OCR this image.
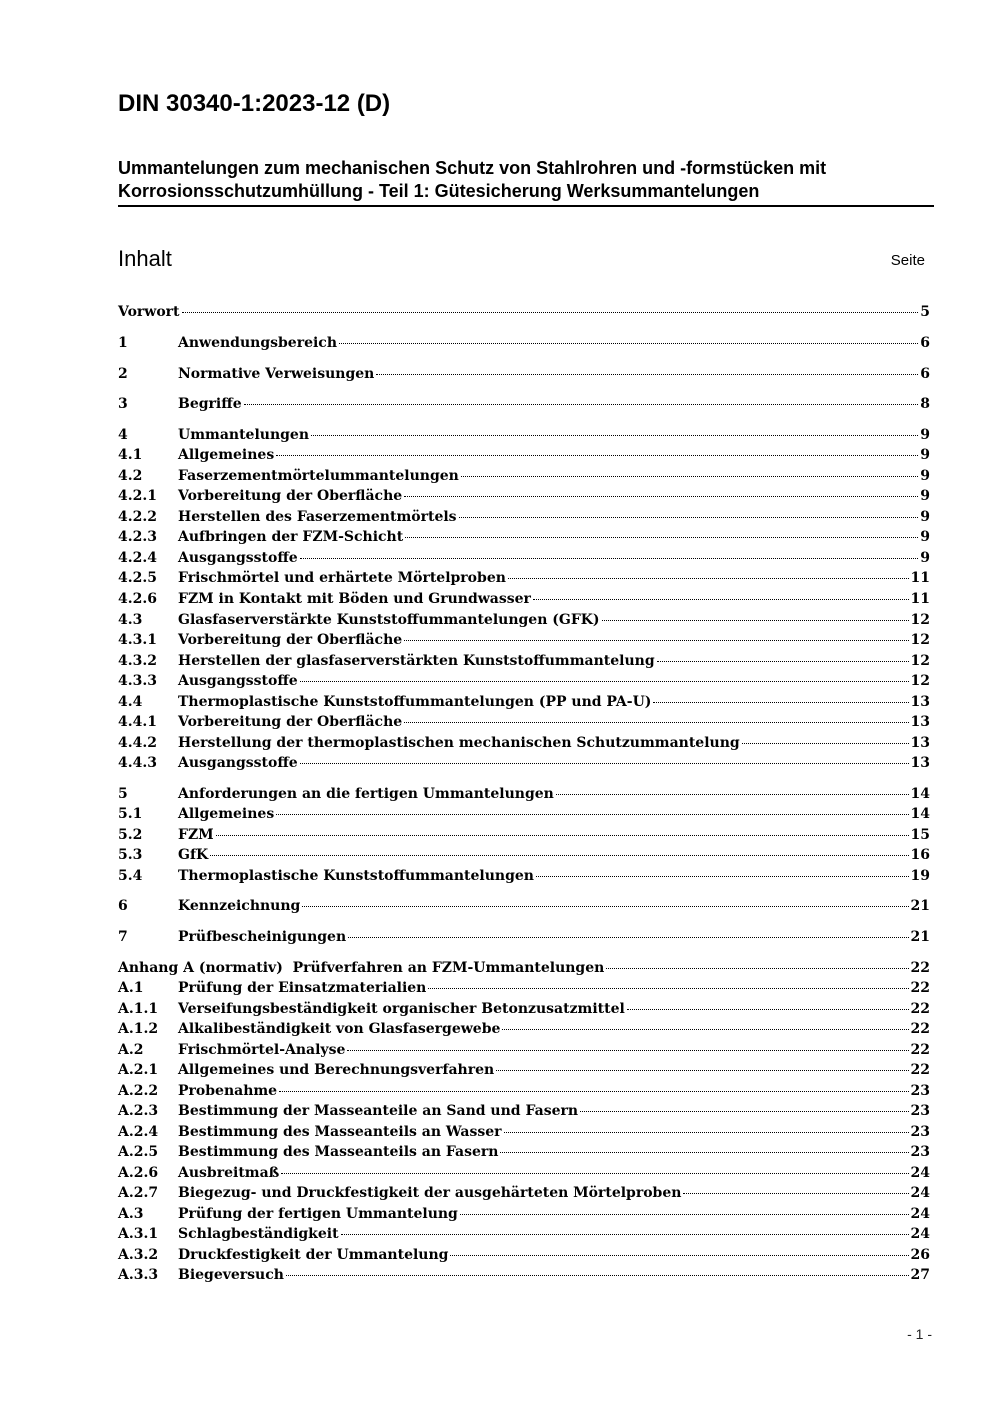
DIN 30340-1:2023-12 (D)
Ummantelungen zum mechanischen Schutz von Stahlrohren und -formstücken mit
Korrosionsschutzumhüllung - Teil 1: Gütesicherung Werksummantelungen
Inhalt	Seite
Vorwort	5
1	Anwendungsbereich	6
2	Normative Verweisungen	6
3	Begriffe	8
4	Ummantelungen	9
4.1	Allgemeines	9
4.2	Faserzementmörtelummantelungen	9
4.2.1	Vorbereitung der Oberfläche	9
4.2.2	Herstellen des Faserzementmörtels	9
4.2.3	Aufbringen der FZM-Schicht	9
4.2.4	Ausgangsstoffe	9
4.2.5	Frischmörtel und erhärtete Mörtelproben	11
4.2.6	FZM in Kontakt mit Böden und Grundwasser	11
4.3	Glasfaserverstärkte Kunststoffummantelungen (GFK)	12
4.3.1	Vorbereitung der Oberfläche	12
4.3.2	Herstellen der glasfaserverstärkten Kunststoffummantelung	12
4.3.3	Ausgangsstoffe	12
4.4	Thermoplastische Kunststoffummantelungen (PP und PA-U)	13
4.4.1	Vorbereitung der Oberfläche	13
4.4.2	Herstellung der thermoplastischen mechanischen Schutzummantelung	13
4.4.3	Ausgangsstoffe	13
5	Anforderungen an die fertigen Ummantelungen	14
5.1	Allgemeines	14
5.2	FZM	15
5.3	GfK	16
5.4	Thermoplastische Kunststoffummantelungen	19
6	Kennzeichnung	21
7	Prüfbescheinigungen	21
Anhang A (normativ)  Prüfverfahren an FZM-Ummantelungen	22
A.1	Prüfung der Einsatzmaterialien	22
A.1.1	Verseifungsbeständigkeit organischer Betonzusatzmittel	22
A.1.2	Alkalibeständigkeit von Glasfasergewebe	22
A.2	Frischmörtel-Analyse	22
A.2.1	Allgemeines und Berechnungsverfahren	22
A.2.2	Probenahme	23
A.2.3	Bestimmung der Masseanteile an Sand und Fasern	23
A.2.4	Bestimmung des Masseanteils an Wasser	23
A.2.5	Bestimmung des Masseanteils an Fasern	23
A.2.6	Ausbreitmaß	24
A.2.7	Biegezug- und Druckfestigkeit der ausgehärteten Mörtelproben	24
A.3	Prüfung der fertigen Ummantelung	24
A.3.1	Schlagbeständigkeit	24
A.3.2	Druckfestigkeit der Ummantelung	26
A.3.3	Biegeversuch	27
- 1 -
